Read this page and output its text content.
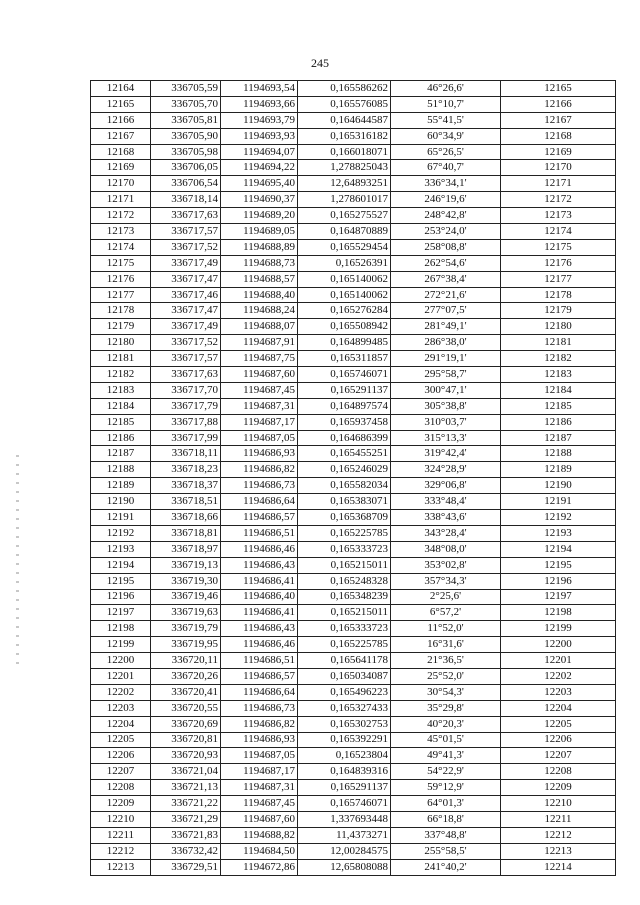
245
12164	336705,59	1194693,54	0,165586262	46°26,6'	12165
12165	336705,70	1194693,66	0,165576085	51°10,7'	12166
12166	336705,81	1194693,79	0,164644587	55°41,5'	12167
12167	336705,90	1194693,93	0,165316182	60°34,9'	12168
12168	336705,98	1194694,07	0,166018071	65°26,5'	12169
12169	336706,05	1194694,22	1,278825043	67°40,7'	12170
12170	336706,54	1194695,40	12,64893251	336°34,1'	12171
12171	336718,14	1194690,37	1,278601017	246°19,6'	12172
12172	336717,63	1194689,20	0,165275527	248°42,8'	12173
12173	336717,57	1194689,05	0,164870889	253°24,0'	12174
12174	336717,52	1194688,89	0,165529454	258°08,8'	12175
12175	336717,49	1194688,73	0,16526391	262°54,6'	12176
12176	336717,47	1194688,57	0,165140062	267°38,4'	12177
12177	336717,46	1194688,40	0,165140062	272°21,6'	12178
12178	336717,47	1194688,24	0,165276284	277°07,5'	12179
12179	336717,49	1194688,07	0,165508942	281°49,1'	12180
12180	336717,52	1194687,91	0,164899485	286°38,0'	12181
12181	336717,57	1194687,75	0,165311857	291°19,1'	12182
12182	336717,63	1194687,60	0,165746071	295°58,7'	12183
12183	336717,70	1194687,45	0,165291137	300°47,1'	12184
12184	336717,79	1194687,31	0,164897574	305°38,8'	12185
12185	336717,88	1194687,17	0,165937458	310°03,7'	12186
12186	336717,99	1194687,05	0,164686399	315°13,3'	12187
12187	336718,11	1194686,93	0,165455251	319°42,4'	12188
12188	336718,23	1194686,82	0,165246029	324°28,9'	12189
12189	336718,37	1194686,73	0,165582034	329°06,8'	12190
12190	336718,51	1194686,64	0,165383071	333°48,4'	12191
12191	336718,66	1194686,57	0,165368709	338°43,6'	12192
12192	336718,81	1194686,51	0,165225785	343°28,4'	12193
12193	336718,97	1194686,46	0,165333723	348°08,0'	12194
12194	336719,13	1194686,43	0,165215011	353°02,8'	12195
12195	336719,30	1194686,41	0,165248328	357°34,3'	12196
12196	336719,46	1194686,40	0,165348239	2°25,6'	12197
12197	336719,63	1194686,41	0,165215011	6°57,2'	12198
12198	336719,79	1194686,43	0,165333723	11°52,0'	12199
12199	336719,95	1194686,46	0,165225785	16°31,6'	12200
12200	336720,11	1194686,51	0,165641178	21°36,5'	12201
12201	336720,26	1194686,57	0,165034087	25°52,0'	12202
12202	336720,41	1194686,64	0,165496223	30°54,3'	12203
12203	336720,55	1194686,73	0,165327433	35°29,8'	12204
12204	336720,69	1194686,82	0,165302753	40°20,3'	12205
12205	336720,81	1194686,93	0,165392291	45°01,5'	12206
12206	336720,93	1194687,05	0,16523804	49°41,3'	12207
12207	336721,04	1194687,17	0,164839316	54°22,9'	12208
12208	336721,13	1194687,31	0,165291137	59°12,9'	12209
12209	336721,22	1194687,45	0,165746071	64°01,3'	12210
12210	336721,29	1194687,60	1,337693448	66°18,8'	12211
12211	336721,83	1194688,82	11,4373271	337°48,8'	12212
12212	336732,42	1194684,50	12,00284575	255°58,5'	12213
12213	336729,51	1194672,86	12,65808088	241°40,2'	12214
